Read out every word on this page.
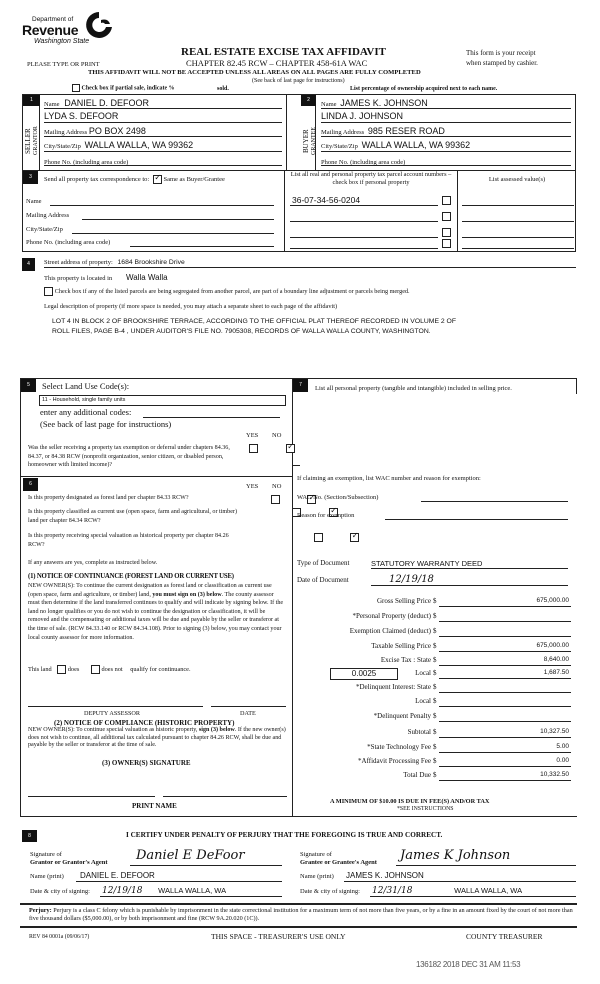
Department of
Revenue
Washington State
REAL ESTATE EXCISE TAX AFFIDAVIT
CHAPTER 82.45 RCW – CHAPTER 458-61A WAC
PLEASE TYPE OR PRINT
This form is your receipt
when stamped by cashier.
THIS AFFIDAVIT WILL NOT BE ACCEPTED UNLESS ALL AREAS ON ALL PAGES ARE FULLY COMPLETED
(See back of last page for instructions)
Check box if partial sale, indicate %	sold.	List percentage of ownership acquired next to each name.
1
SELLER
GRANTOR
Name DANIEL D. DEFOOR
LYDA S. DEFOOR
Mailing Address PO BOX 2498
City/State/Zip WALLA WALLA, WA 99362
Phone No. (including area code)
2
BUYER
GRANTEE
Name JAMES K. JOHNSON
LINDA J. JOHNSON
Mailing Address 985 RESER ROAD
City/State/Zip WALLA WALLA, WA 99362
Phone No. (including area code)
3	Send all property tax correspondence to: ✓ Same as Buyer/Grantee
Name
Mailing Address
City/State/Zip
Phone No. (including area code)
List all real and personal property tax parcel account numbers – check box if personal property	List assessed value(s)
36-07-34-56-0204
4	Street address of property: 1684 Brookshire Drive
This property is located in Walla Walla
Check box if any of the listed parcels are being segregated from another parcel, are part of a boundary line adjustment or parcels being merged.
Legal description of property (if more space is needed, you may attach a separate sheet to each page of the affidavit)
LOT 4 IN BLOCK 2 OF BROOKSHIRE TERRACE, ACCORDING TO THE OFFICIAL PLAT THEREOF RECORDED IN VOLUME 2 OF
ROLL FILES, PAGE B-4 , UNDER AUDITOR'S FILE NO. 7905308, RECORDS OF WALLA WALLA COUNTY, WASHINGTON.
5	Select Land Use Code(s):
11 - Household, single family units
enter any additional codes:
(See back of last page for instructions)
YES NO
Was the seller receiving a property tax exemption or deferral under chapters 84.36, 84.37, or 84.38 RCW (nonprofit organization, senior citizen, or disabled person, homeowner with limited income)?
✓
6	YES NO
Is this property designated as forest land per chapter 84.33 RCW?
✓
Is this property classified as current use (open space, farm and agricultural, or timber) land per chapter 84.34 RCW?
✓
Is this property receiving special valuation as historical property per chapter 84.26 RCW?
✓
If any answers are yes, complete as instructed below.
(1) NOTICE OF CONTINUANCE (FOREST LAND OR CURRENT USE)
NEW OWNER(S): To continue the current designation as forest land or classification as current use (open space, farm and agriculture, or timber) land, you must sign on (3) below. The county assessor must then determine if the land transferred continues to qualify and will indicate by signing below. If the land no longer qualifies or you do not wish to continue the designation or classification, it will be removed and the compensating or additional taxes will be due and payable by the seller or transferor at the time of sale. (RCW 84.33.140 or RCW 84.34.108). Prior to signing (3) below, you may contact your local county assessor for more information.
This land	does	does not qualify for continuance.
DEPUTY ASSESSOR	DATE
(2) NOTICE OF COMPLIANCE (HISTORIC PROPERTY)
NEW OWNER(S): To continue special valuation as historic property, sign (3) below. If the new owner(s) does not wish to continue, all additional tax calculated pursuant to chapter 84.26 RCW, shall be due and payable by the seller or transferor at the time of sale.
(3) OWNER(S) SIGNATURE
PRINT NAME
7	List all personal property (tangible and intangible) included in selling price.
If claiming an exemption, list WAC number and reason for exemption:
WAC No. (Section/Subsection)
Reason for exemption
Type of Document	STATUTORY WARRANTY DEED
Date of Document	12/19/18
Gross Selling Price $	675,000.00
*Personal Property (deduct) $
Exemption Claimed (deduct) $
Taxable Selling Price $	675,000.00
Excise Tax : State $	8,640.00
0.0025	Local $	1,687.50
*Delinquent Interest: State $
Local $
*Delinquent Penalty $
Subtotal $	10,327.50
*State Technology Fee $	5.00
*Affidavit Processing Fee $	0.00
Total Due $	10,332.50
A MINIMUM OF $10.00 IS DUE IN FEE(S) AND/OR TAX
*SEE INSTRUCTIONS
8	I CERTIFY UNDER PENALTY OF PERJURY THAT THE FOREGOING IS TRUE AND CORRECT.
Signature of
Grantor or Grantor's Agent	Daniel E DeFoor
Name (print)	DANIEL E. DEFOOR
Date & city of signing: 12/19/18 WALLA WALLA, WA
Signature of
Grantee or Grantee's Agent	James K Johnson
Name (print) JAMES K. JOHNSON
Date & city of signing: 12/31/18	WALLA WALLA, WA
Perjury: Perjury is a class C felony which is punishable by imprisonment in the state correctional institution for a maximum term of not more than five years, or by a fine in an amount fixed by the court of not more than five thousand dollars ($5,000.00), or by both imprisonment and fine (RCW 9A.20.020 (1C)).
REV 84 0001a (09/06/17)	THIS SPACE - TREASURER'S USE ONLY	COUNTY TREASURER
136182 2018 DEC 31 AM 11:53
